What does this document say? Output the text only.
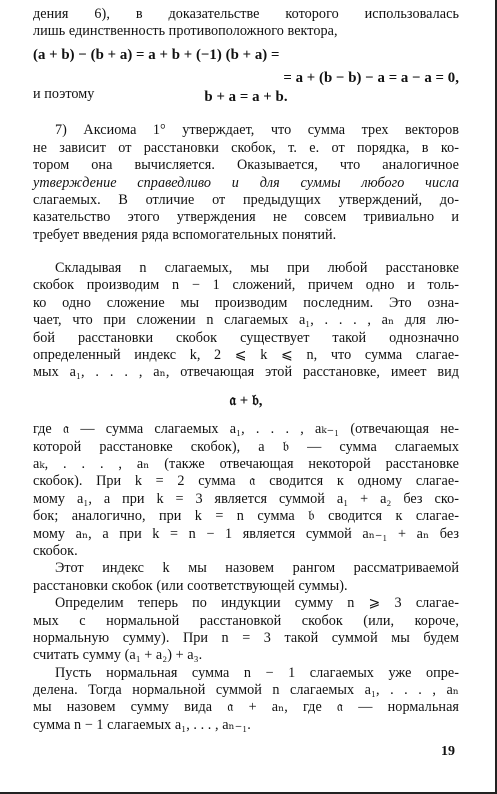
дения 6), в доказательстве которого использовалась
лишь единственность противоположного вектора,
(a + b) − (b + a) = a + b + (−1) (b + a) =
= a + (b − b) − a = a − a = 0,
и поэтому	b + a = a + b.
7) Аксиома 1° утверждает, что сумма трех векторов
не зависит от расстановки скобок, т. е. от порядка, в ко-
тором она вычисляется. Оказывается, что аналогичное
утверждение справедливо и для суммы любого числа
слагаемых. В отличие от предыдущих утверждений, до-
казательство этого утверждения не совсем тривиально и
требует введения ряда вспомогательных понятий.
Складывая n слагаемых, мы при любой расстановке
скобок производим n − 1 сложений, причем одно и толь-
ко одно сложение мы производим последним. Это озна-
чает, что при сложении n слагаемых a₁, . . . , aₙ для лю-
бой расстановки скобок существует такой однозначно
определенный индекс k, 2 ⩽ k ⩽ n, что сумма слагае-
мых a₁, . . . , aₙ, отвечающая этой расстановке, имеет вид
𝔞 + 𝔟,
где 𝔞 — сумма слагаемых a₁, . . . , aₖ₋₁ (отвечающая не-
которой расстановке скобок), а 𝔟 — сумма слагаемых
aₖ, . . . , aₙ (также отвечающая некоторой расстановке
скобок). При k = 2 сумма 𝔞 сводится к одному слагае-
мому a₁, а при k = 3 является суммой a₁ + a₂ без ско-
бок; аналогично, при k = n сумма 𝔟 сводится к слагае-
мому aₙ, а при k = n − 1 является суммой aₙ₋₁ + aₙ без
скобок.
Этот индекс k мы назовем рангом рассматриваемой
расстановки скобок (или соответствующей суммы).
Определим теперь по индукции сумму n ⩾ 3 слагае-
мых с нормальной расстановкой скобок (или, короче,
нормальную сумму). При n = 3 такой суммой мы будем
считать сумму (a₁ + a₂) + a₃.
Пусть нормальная сумма n − 1 слагаемых уже опре-
делена. Тогда нормальной суммой n слагаемых a₁, . . . , aₙ
мы назовем сумму вида 𝔞 + aₙ, где 𝔞 — нормальная
сумма n − 1 слагаемых a₁, . . . , aₙ₋₁.
19
